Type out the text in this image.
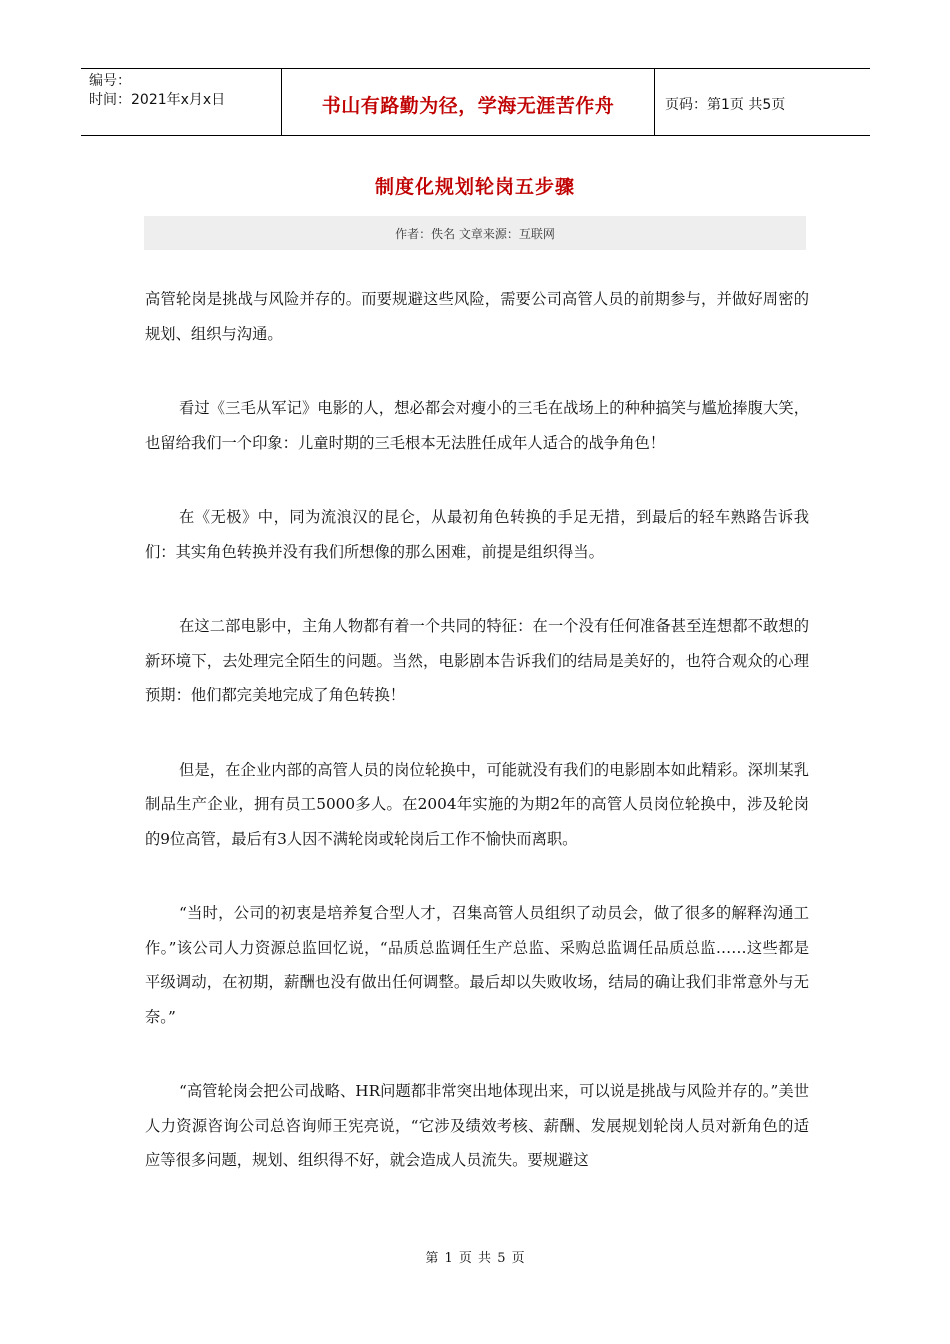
编号：
时间：2021年x月x日	书山有路勤为径，学海无涯苦作舟	页码：第1页 共5页
制度化规划轮岗五步骤
作者：佚名 文章来源：互联网

高管轮岗是挑战与风险并存的。而要规避这些风险，需要公司高管人员的前期参与，并做好周密的规划、组织与沟通。

看过《三毛从军记》电影的人，想必都会对瘦小的三毛在战场上的种种搞笑与尴尬捧腹大笑，也留给我们一个印象：儿童时期的三毛根本无法胜任成年人适合的战争角色！

在《无极》中，同为流浪汉的昆仑，从最初角色转换的手足无措，到最后的轻车熟路告诉我们：其实角色转换并没有我们所想像的那么困难，前提是组织得当。

在这二部电影中，主角人物都有着一个共同的特征：在一个没有任何准备甚至连想都不敢想的新环境下，去处理完全陌生的问题。当然，电影剧本告诉我们的结局是美好的，也符合观众的心理预期：他们都完美地完成了角色转换！

但是，在企业内部的高管人员的岗位轮换中，可能就没有我们的电影剧本如此精彩。深圳某乳制品生产企业，拥有员工5000多人。在2004年实施的为期2年的高管人员岗位轮换中，涉及轮岗的9位高管，最后有3人因不满轮岗或轮岗后工作不愉快而离职。

“当时，公司的初衷是培养复合型人才，召集高管人员组织了动员会，做了很多的解释沟通工作。”该公司人力资源总监回忆说，“品质总监调任生产总监、采购总监调任品质总监……这些都是平级调动，在初期，薪酬也没有做出任何调整。最后却以失败收场，结局的确让我们非常意外与无奈。”

“高管轮岗会把公司战略、HR问题都非常突出地体现出来，可以说是挑战与风险并存的。”美世人力资源咨询公司总咨询师王宪亮说，“它涉及绩效考核、薪酬、发展规划轮岗人员对新角色的适应等很多问题，规划、组织得不好，就会造成人员流失。要规避这

第 1 页 共 5 页
